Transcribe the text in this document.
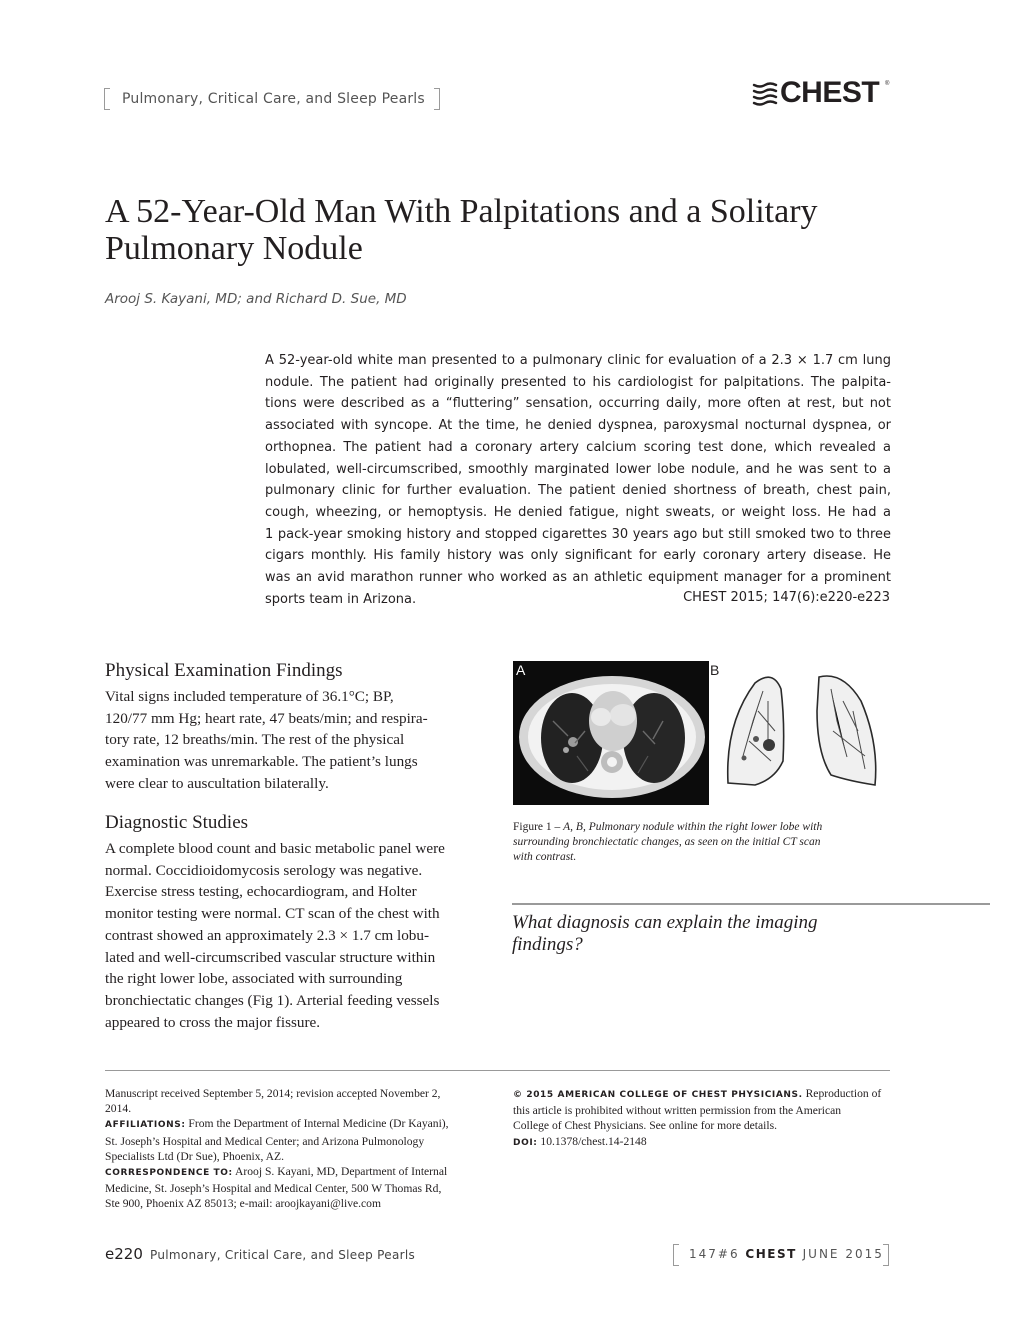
Pulmonary, Critical Care, and Sleep Pearls	CHEST ®
A 52-Year-Old Man With Palpitations and a Solitary
Pulmonary Nodule
Arooj S. Kayani, MD; and Richard D. Sue, MD
A 52-year-old white man presented to a pulmonary clinic for evaluation of a 2.3 × 1.7 cm lung
nodule. The patient had originally presented to his cardiologist for palpitations. The palpita-
tions were described as a “fluttering” sensation, occurring daily, more often at rest, but not
associated with syncope. At the time, he denied dyspnea, paroxysmal nocturnal dyspnea, or
orthopnea. The patient had a coronary artery calcium scoring test done, which revealed a
lobulated, well-circumscribed, smoothly marginated lower lobe nodule, and he was sent to a
pulmonary clinic for further evaluation. The patient denied shortness of breath, chest pain,
cough, wheezing, or hemoptysis. He denied fatigue, night sweats, or weight loss. He had a
1 pack-year smoking history and stopped cigarettes 30 years ago but still smoked two to three
cigars monthly. His family history was only significant for early coronary artery disease. He
was an avid marathon runner who worked as an athletic equipment manager for a prominent
sports team in Arizona.	CHEST 2015; 147(6):e220-e223
Physical Examination Findings
Vital signs included temperature of 36.1°C; BP,
120/77 mm Hg; heart rate, 47 beats/min; and respira-
tory rate, 12 breaths/min. The rest of the physical
examination was unremarkable. The patient’s lungs
were clear to auscultation bilaterally.
Diagnostic Studies
A complete blood count and basic metabolic panel were
normal. Coccidioidomycosis serology was negative.
Exercise stress testing, echocardiogram, and Holter
monitor testing were normal. CT scan of the chest with
contrast showed an approximately 2.3 × 1.7 cm lobu-
lated and well-circumscribed vascular structure within
the right lower lobe, associated with surrounding
bronchiectatic changes (Fig 1). Arterial feeding vessels
appeared to cross the major fissure.
A	B
Figure 1 – A, B, Pulmonary nodule within the right lower lobe with
surrounding bronchiectatic changes, as seen on the initial CT scan
with contrast.
What diagnosis can explain the imaging
findings?
Manuscript received September 5, 2014; revision accepted November 2,
2014.
AFFILIATIONS: From the Department of Internal Medicine (Dr Kayani),
St. Joseph’s Hospital and Medical Center; and Arizona Pulmonology
Specialists Ltd (Dr Sue), Phoenix, AZ.
CORRESPONDENCE TO: Arooj S. Kayani, MD, Department of Internal
Medicine, St. Joseph’s Hospital and Medical Center, 500 W Thomas Rd,
Ste 900, Phoenix AZ 85013; e-mail: aroojkayani@live.com
© 2015 AMERICAN COLLEGE OF CHEST PHYSICIANS. Reproduction of
this article is prohibited without written permission from the American
College of Chest Physicians. See online for more details.
DOI: 10.1378/chest.14-2148
e220 Pulmonary, Critical Care, and Sleep Pearls	147#6 CHEST JUNE 2015
